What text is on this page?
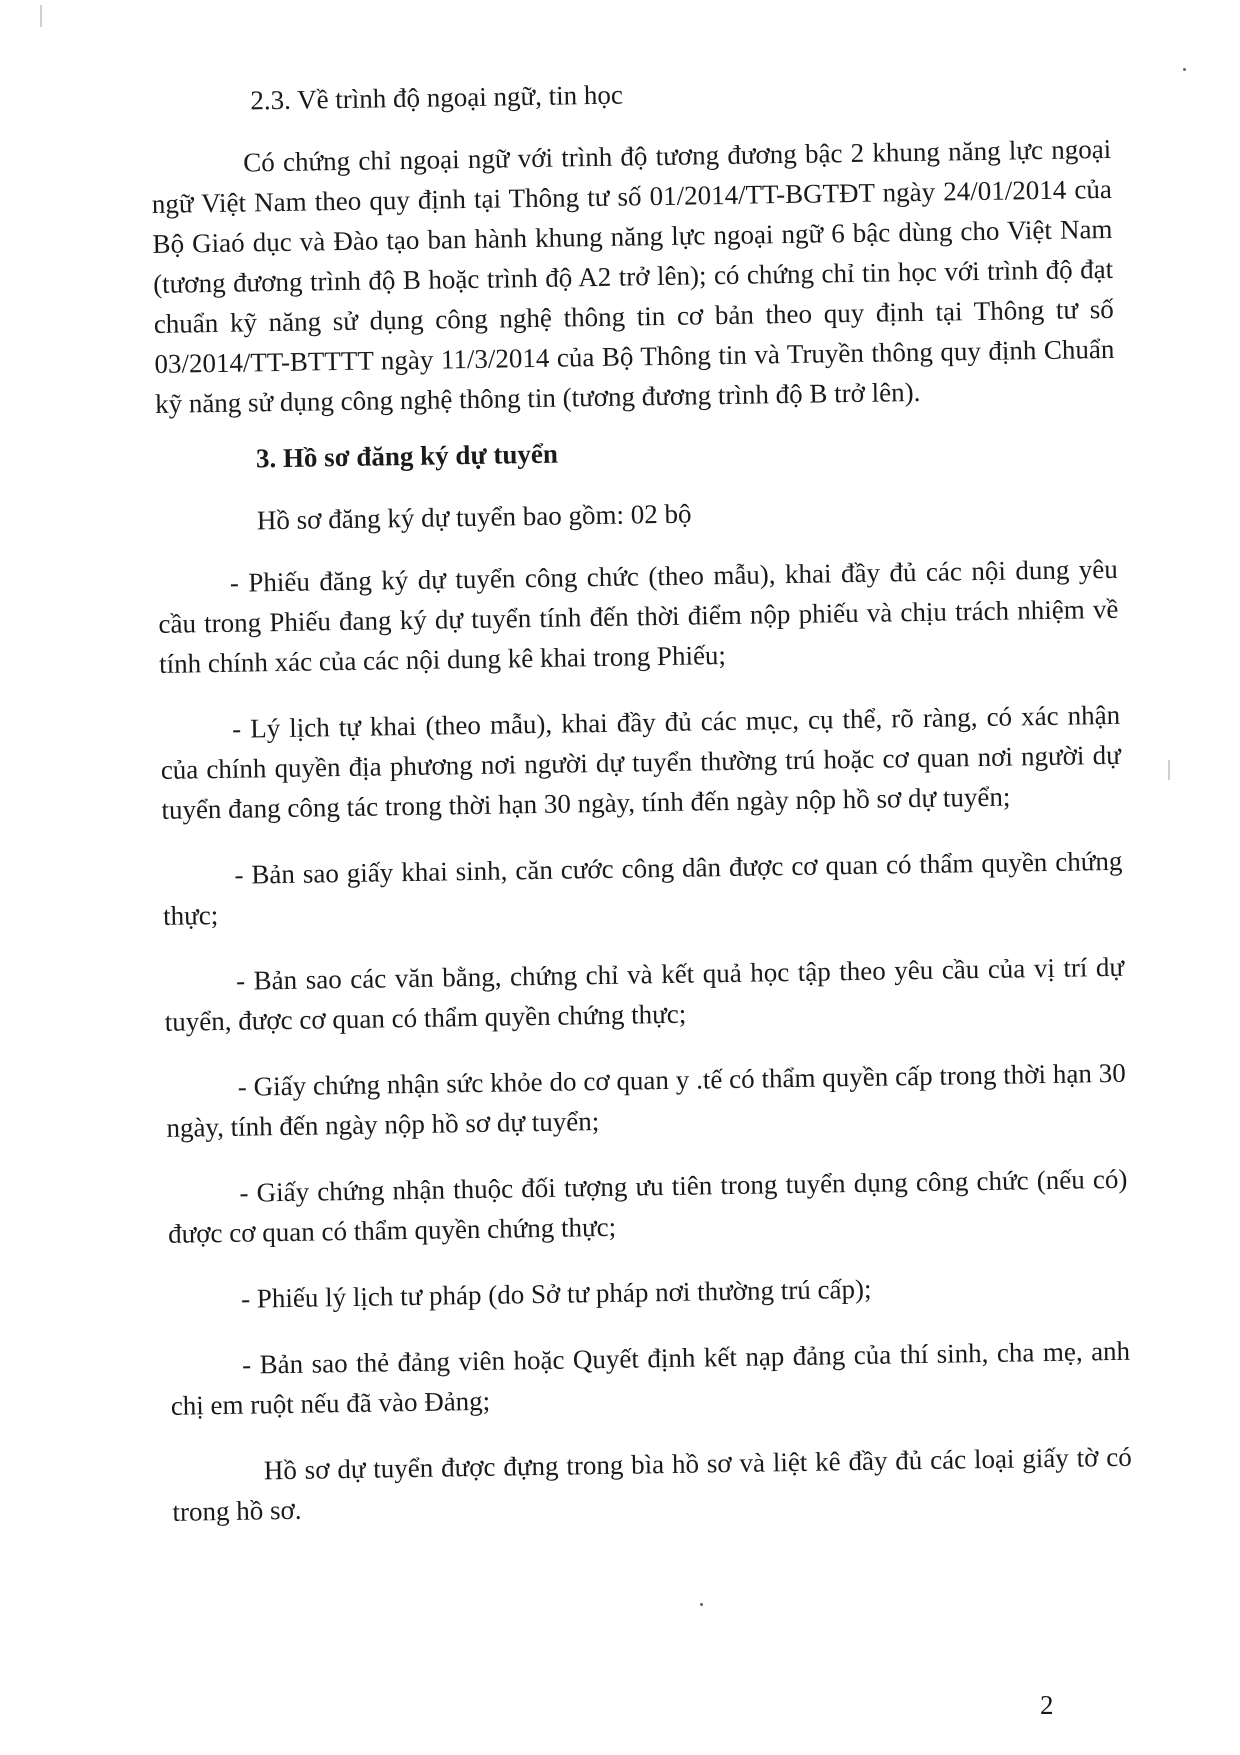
2.3. Về trình độ ngoại ngữ, tin học

Có chứng chỉ ngoại ngữ với trình độ tương đương bậc 2 khung năng lực ngoại ngữ Việt Nam theo quy định tại Thông tư số 01/2014/TT-BGTĐT ngày 24/01/2014 của Bộ Giaó dục và Đào tạo ban hành khung năng lực ngoại ngữ 6 bậc dùng cho Việt Nam (tương đương trình độ B hoặc trình độ A2 trở lên); có chứng chỉ tin học với trình độ đạt chuẩn kỹ năng sử dụng công nghệ thông tin cơ bản theo quy định tại Thông tư số 03/2014/TT-BTTTT ngày 11/3/2014 của Bộ Thông tin và Truyền thông quy định Chuẩn kỹ năng sử dụng công nghệ thông tin (tương đương trình độ B trở lên).

3. Hồ sơ đăng ký dự tuyển

Hồ sơ đăng ký dự tuyển bao gồm: 02 bộ

- Phiếu đăng ký dự tuyển công chức (theo mẫu), khai đầy đủ các nội dung yêu cầu trong Phiếu đang ký dự tuyển tính đến thời điểm nộp phiếu và chịu trách nhiệm về tính chính xác của các nội dung kê khai trong Phiếu;

- Lý lịch tự khai (theo mẫu), khai đầy đủ các mục, cụ thể, rõ ràng, có xác nhận của chính quyền địa phương nơi người dự tuyển thường trú hoặc cơ quan nơi người dự tuyển đang công tác trong thời hạn 30 ngày, tính đến ngày nộp hồ sơ dự tuyển;

- Bản sao giấy khai sinh, căn cước công dân được cơ quan có thẩm quyền chứng thực;

- Bản sao các văn bằng, chứng chỉ và kết quả học tập theo yêu cầu của vị trí dự tuyển, được cơ quan có thẩm quyền chứng thực;

- Giấy chứng nhận sức khỏe do cơ quan y .tế có thẩm quyền cấp trong thời hạn 30 ngày, tính đến ngày nộp hồ sơ dự tuyển;

- Giấy chứng nhận thuộc đối tượng ưu tiên trong tuyển dụng công chức (nếu có) được cơ quan có thẩm quyền chứng thực;

- Phiếu lý lịch tư pháp (do Sở tư pháp nơi thường trú cấp);

- Bản sao thẻ đảng viên hoặc Quyết định kết nạp đảng của thí sinh, cha mẹ, anh chị em ruột nếu đã vào Đảng;

Hồ sơ dự tuyển được đựng trong bìa hồ sơ và liệt kê đầy đủ các loại giấy tờ có trong hồ sơ.

2
